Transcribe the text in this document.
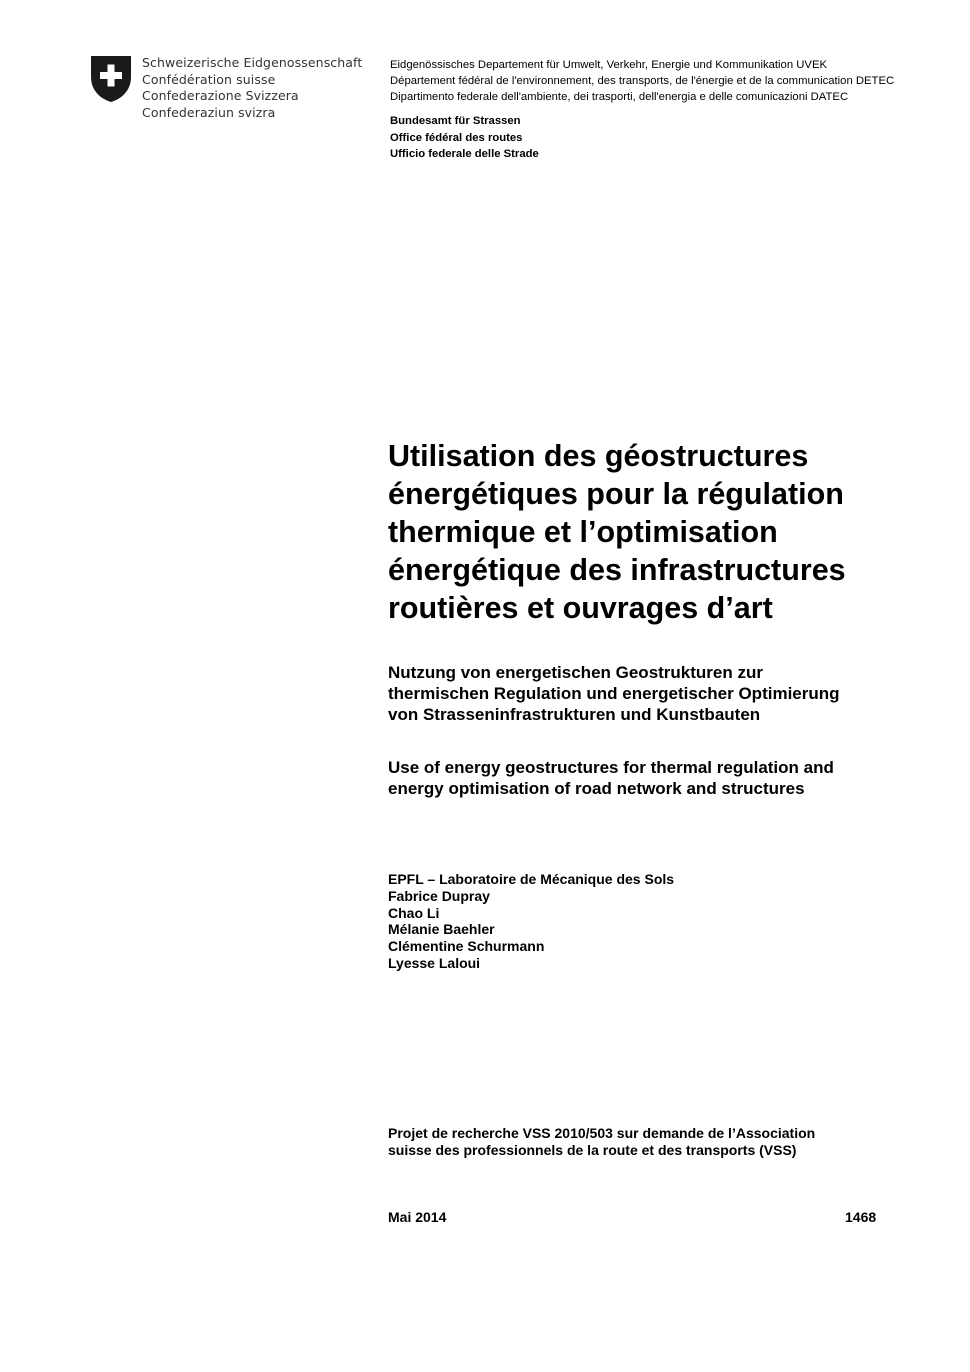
Schweizerische Eidgenossenschaft
Confédération suisse
Confederazione Svizzera
Confederaziun svizra
Eidgenössisches Departement für Umwelt, Verkehr, Energie und Kommunikation UVEK
Département fédéral de l'environnement, des transports, de l'énergie et de la communication DETEC
Dipartimento federale dell'ambiente, dei trasporti, dell'energia e delle comunicazioni DATEC
Bundesamt für Strassen
Office fédéral des routes
Ufficio federale delle Strade
Utilisation des géostructures
énergétiques pour la régulation
thermique et l’optimisation
énergétique des infrastructures
routières et ouvrages d’art
Nutzung von energetischen Geostrukturen zur
thermischen Regulation und energetischer Optimierung
von Strasseninfrastrukturen und Kunstbauten
Use of energy geostructures for thermal regulation and
energy optimisation of road network and structures
EPFL – Laboratoire de Mécanique des Sols
Fabrice Dupray
Chao Li
Mélanie Baehler
Clémentine Schurmann
Lyesse Laloui
Projet de recherche VSS 2010/503 sur demande de l’Association
suisse des professionnels de la route et des transports (VSS)
Mai 2014	1468
